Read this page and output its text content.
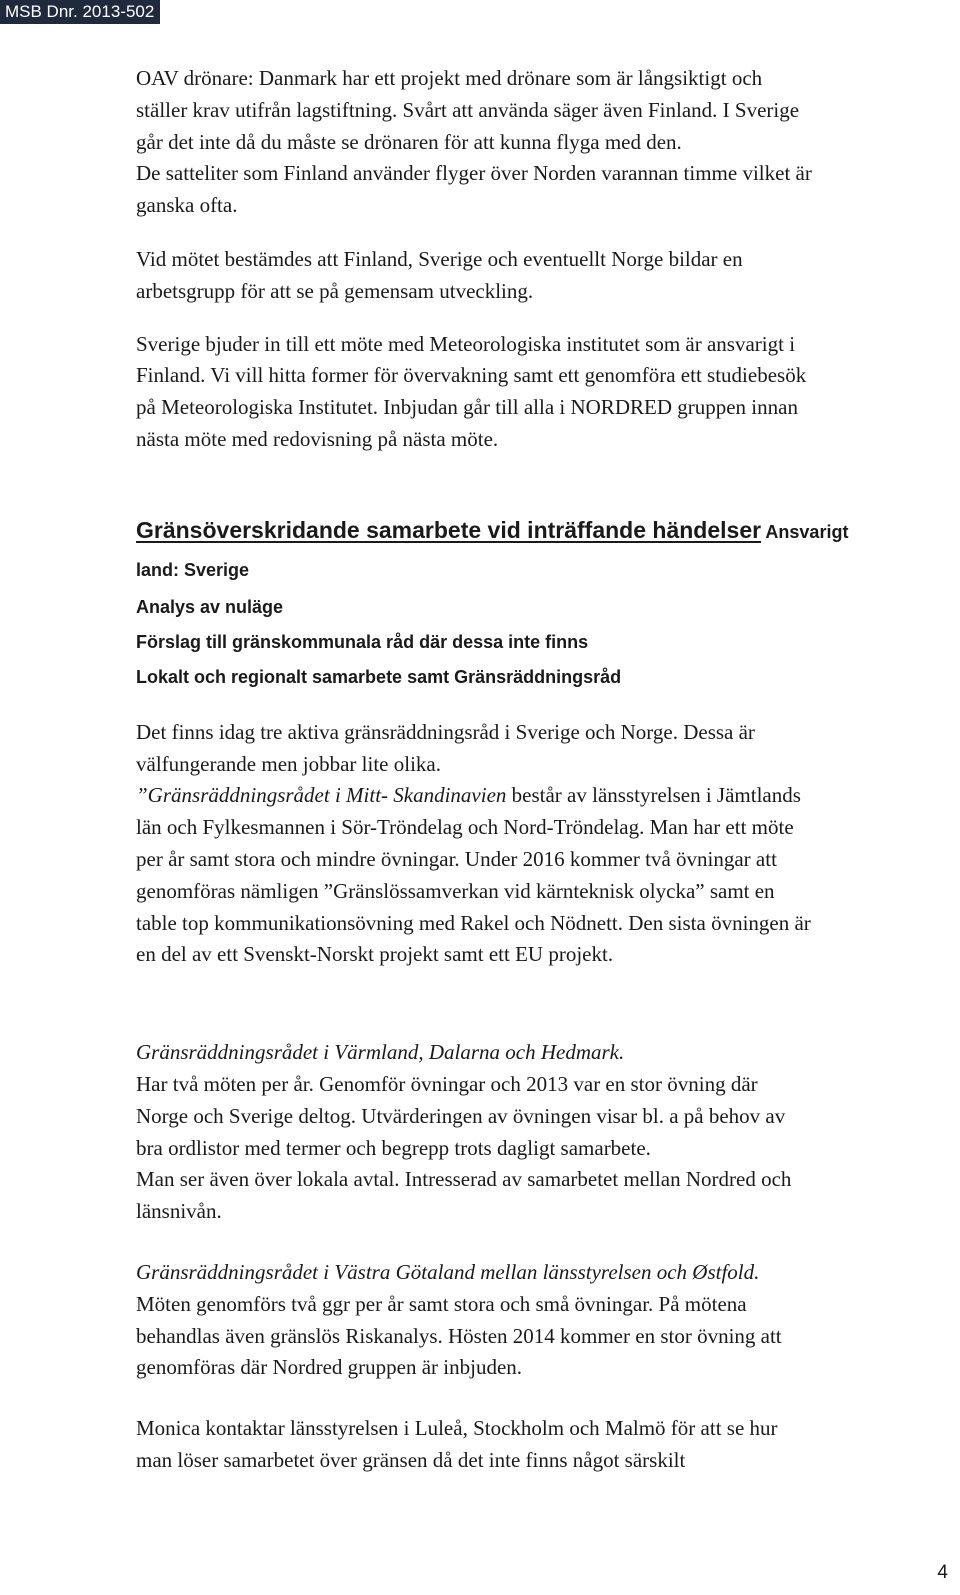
MSB Dnr. 2013-502

OAV drönare: Danmark har ett projekt med drönare som är långsiktigt och
ställer krav utifrån lagstiftning. Svårt att använda säger även Finland. I Sverige
går det inte då du måste se drönaren för att kunna flyga med den.
De satteliter som Finland använder flyger över Norden varannan timme vilket är
ganska ofta.

Vid mötet bestämdes att Finland, Sverige och eventuellt Norge bildar en
arbetsgrupp för att se på gemensam utveckling.

Sverige bjuder in till ett möte med Meteorologiska institutet som är ansvarigt i
Finland. Vi vill hitta former för övervakning samt ett genomföra ett studiebesök
på Meteorologiska Institutet. Inbjudan går till alla i NORDRED gruppen innan
nästa möte med redovisning på nästa möte.

Gränsöverskridande samarbete vid inträffande händelser Ansvarigt
land: Sverige

Analys av nuläge

Förslag till gränskommunala råd där dessa inte finns

Lokalt och regionalt samarbete samt Gränsräddningsråd

Det finns idag tre aktiva gränsräddningsråd i Sverige och Norge. Dessa är
välfungerande men jobbar lite olika.

”Gränsräddningsrådet i Mitt- Skandinavien består av länsstyrelsen i Jämtlands
län och Fylkesmannen i Sör-Tröndelag och Nord-Tröndelag. Man har ett möte
per år samt stora och mindre övningar. Under 2016 kommer två övningar att
genomföras nämligen ”Gränslössamverkan vid kärnteknisk olycka” samt en
table top kommunikationsövning med Rakel och Nödnett. Den sista övningen är
en del av ett Svenskt-Norskt projekt samt ett EU projekt.

Gränsräddningsrådet i Värmland, Dalarna och Hedmark.
Har två möten per år. Genomför övningar och 2013 var en stor övning där
Norge och Sverige deltog. Utvärderingen av övningen visar bl. a på behov av
bra ordlistor med termer och begrepp trots dagligt samarbete.
Man ser även över lokala avtal. Intresserad av samarbetet mellan Nordred och
länsnivån.

Gränsräddningsrådet i Västra Götaland mellan länsstyrelsen och Østfold.
Möten genomförs två ggr per år samt stora och små övningar. På mötena
behandlas även gränslös Riskanalys. Hösten 2014 kommer en stor övning att
genomföras där Nordred gruppen är inbjuden.

Monica kontaktar länsstyrelsen i Luleå, Stockholm och Malmö för att se hur
man löser samarbetet över gränsen då det inte finns något särskilt

4
